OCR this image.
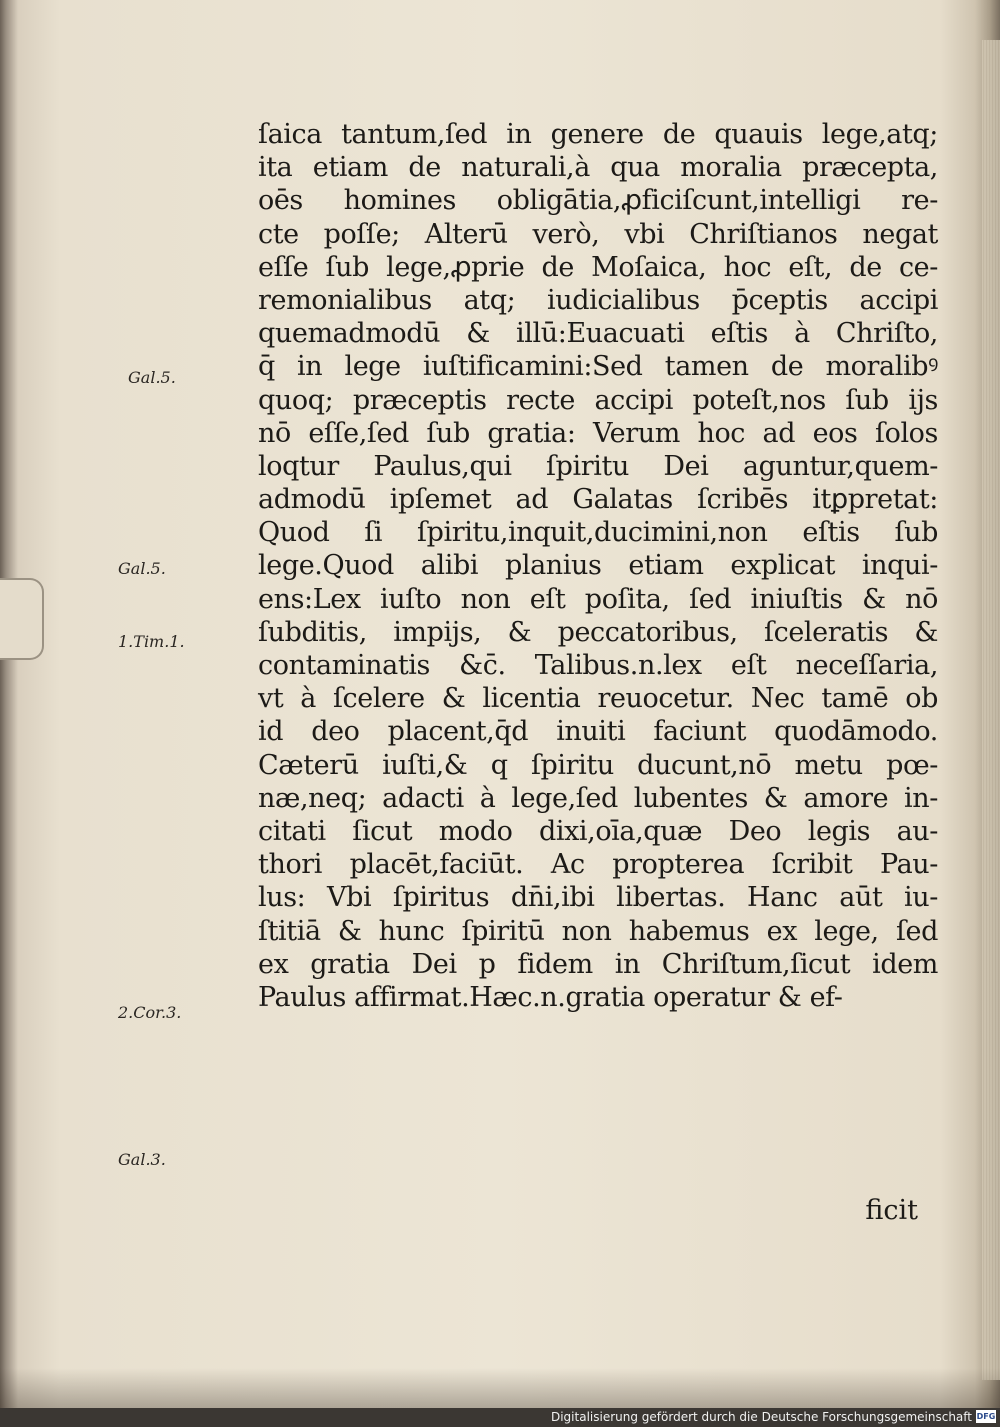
ſaica tantum,ſed in genere de quauis lege,atq;
ita etiam de naturali,à qua moralia præcepta,
oēs homines obligātia,ꝓficiſcunt,intelligi re-
cte poſſe; Alterū verò, vbi Chriſtianos negat
eſſe ſub lege,ꝓprie de Moſaica, hoc eſt, de ce-
remonialibus atq; iudicialibus p̄ceptis accipi
quemadmodū & illū:Euacuati eſtis à Chriſto,
q̄ in lege iuſtificamini:Sed tamen de moralibꝰ
quoq; præceptis recte accipi poteſt,nos ſub ijs
nō eſſe,ſed ſub gratia: Verum hoc ad eos ſolos
loqtur Paulus,qui ſpiritu Dei aguntur,quem-
admodū ipſemet ad Galatas ſcribēs itꝑpretat:
Quod ſi ſpiritu,inquit,ducimini,non eſtis ſub
lege.Quod alibi planius etiam explicat inqui-
ens:Lex iuſto non eſt poſita, ſed iniuſtis & nō
ſubditis, impijs, & peccatoribus, ſceleratis &
contaminatis &c̄. Talibus.n.lex eſt neceſſaria,
vt à ſcelere & licentia reuocetur. Nec tamē ob
id deo placent,q̄d inuiti faciunt quodāmodo.
Cæterū iuſti,& q ſpiritu ducunt,nō metu pœ-
næ,neq; adacti à lege,ſed lubentes & amore in-
citati ſicut modo dixi,oīa,quæ Deo legis au-
thori placēt,faciūt. Ac propterea ſcribit Pau-
lus: Vbi ſpiritus dn̄i,ibi libertas. Hanc aūt iu-
ſtitiā & hunc ſpiritū non habemus ex lege, ſed
ex gratia Dei p fidem in Chriſtum,ſicut idem
Paulus affirmat.Hæc.n.gratia operatur & ef-
ficit
Gal.5.
Gal.5.
1.Tim.1.
2.Cor.3.
Gal.3.
Digitalisierung gefördert durch die Deutsche Forschungsgemeinschaft DFG
